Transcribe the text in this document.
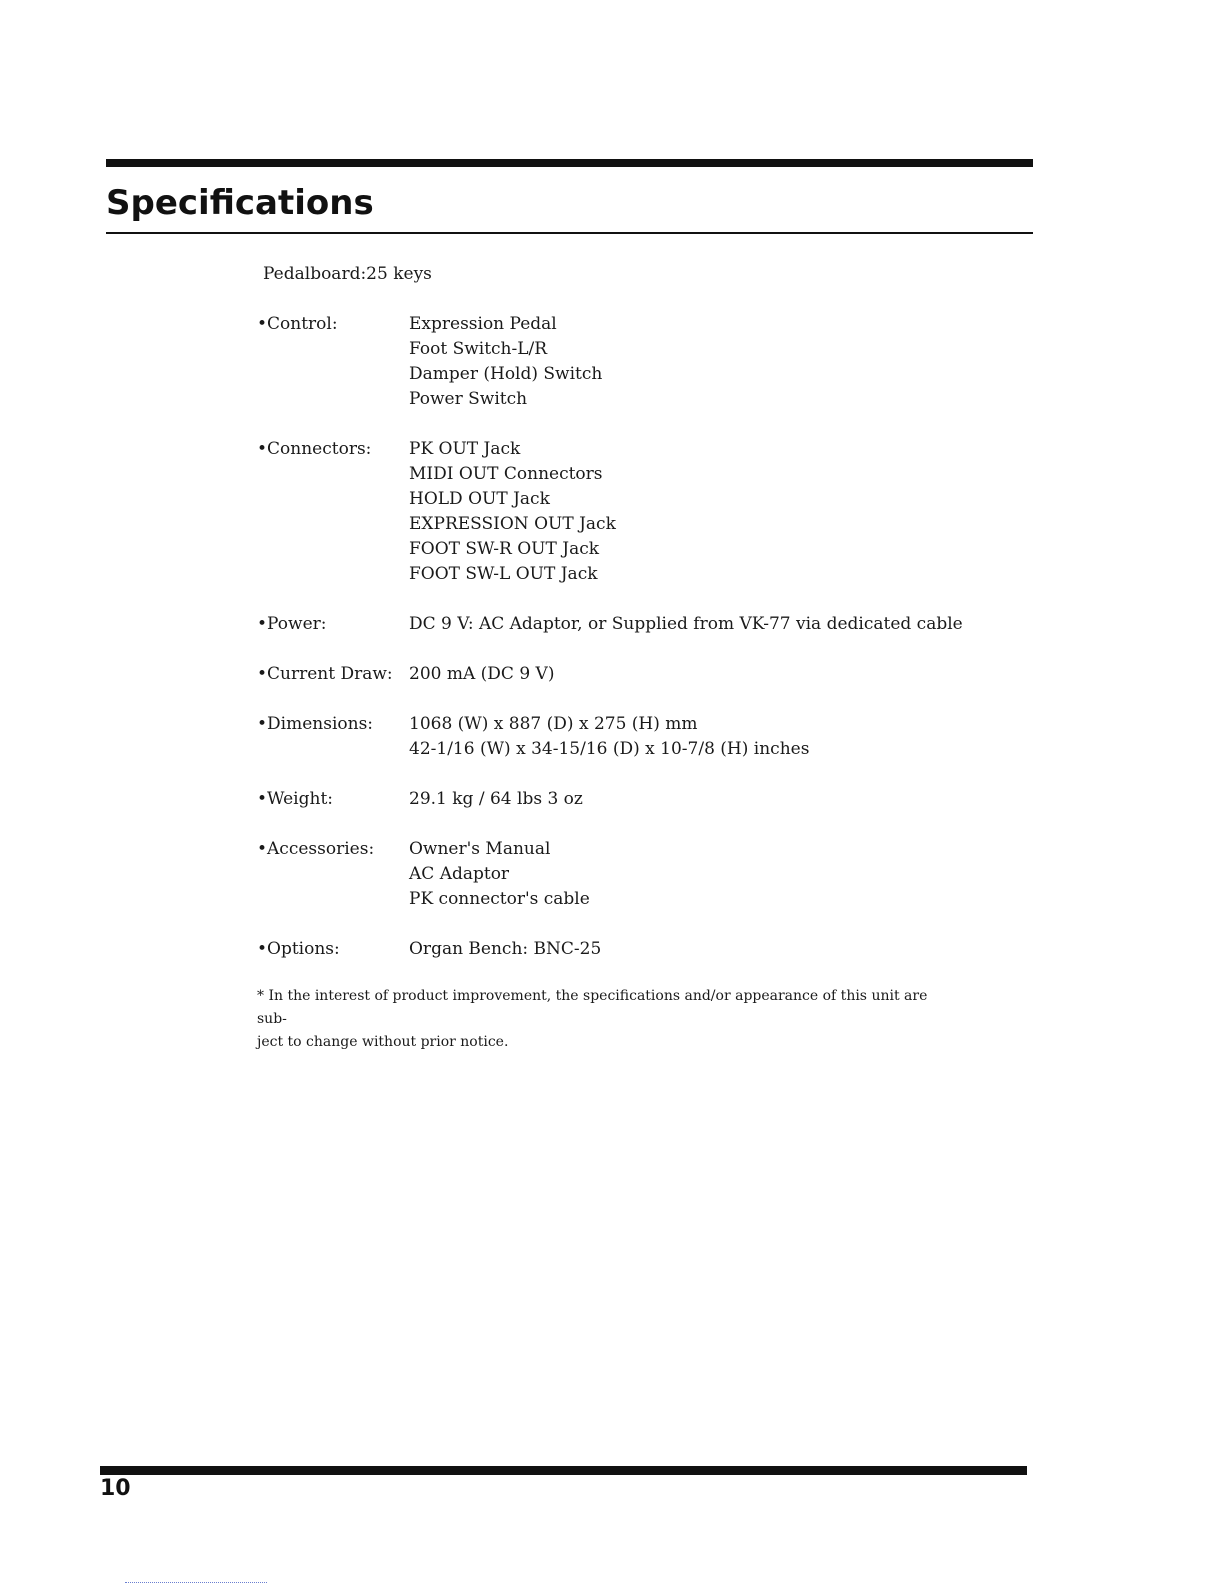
Specifications
Pedalboard:25 keys
•Control:	Expression Pedal
Foot Switch-L/R
Damper (Hold) Switch
Power Switch
•Connectors:	PK OUT Jack
MIDI OUT Connectors
HOLD OUT Jack
EXPRESSION OUT Jack
FOOT SW-R OUT Jack
FOOT SW-L OUT Jack
•Power:	DC 9 V: AC Adaptor, or Supplied from VK-77 via dedicated cable
•Current Draw: 200 mA (DC 9 V)
•Dimensions:	1068 (W) x 887 (D) x 275 (H) mm
42-1/16 (W) x 34-15/16 (D) x 10-7/8 (H) inches
•Weight:	29.1 kg / 64 lbs 3 oz
•Accessories:	Owner's Manual
AC Adaptor
PK connector's cable
•Options:	Organ Bench: BNC-25
* In the interest of product improvement, the specifications and/or appearance of this unit are sub-
ject to change without prior notice.
10
